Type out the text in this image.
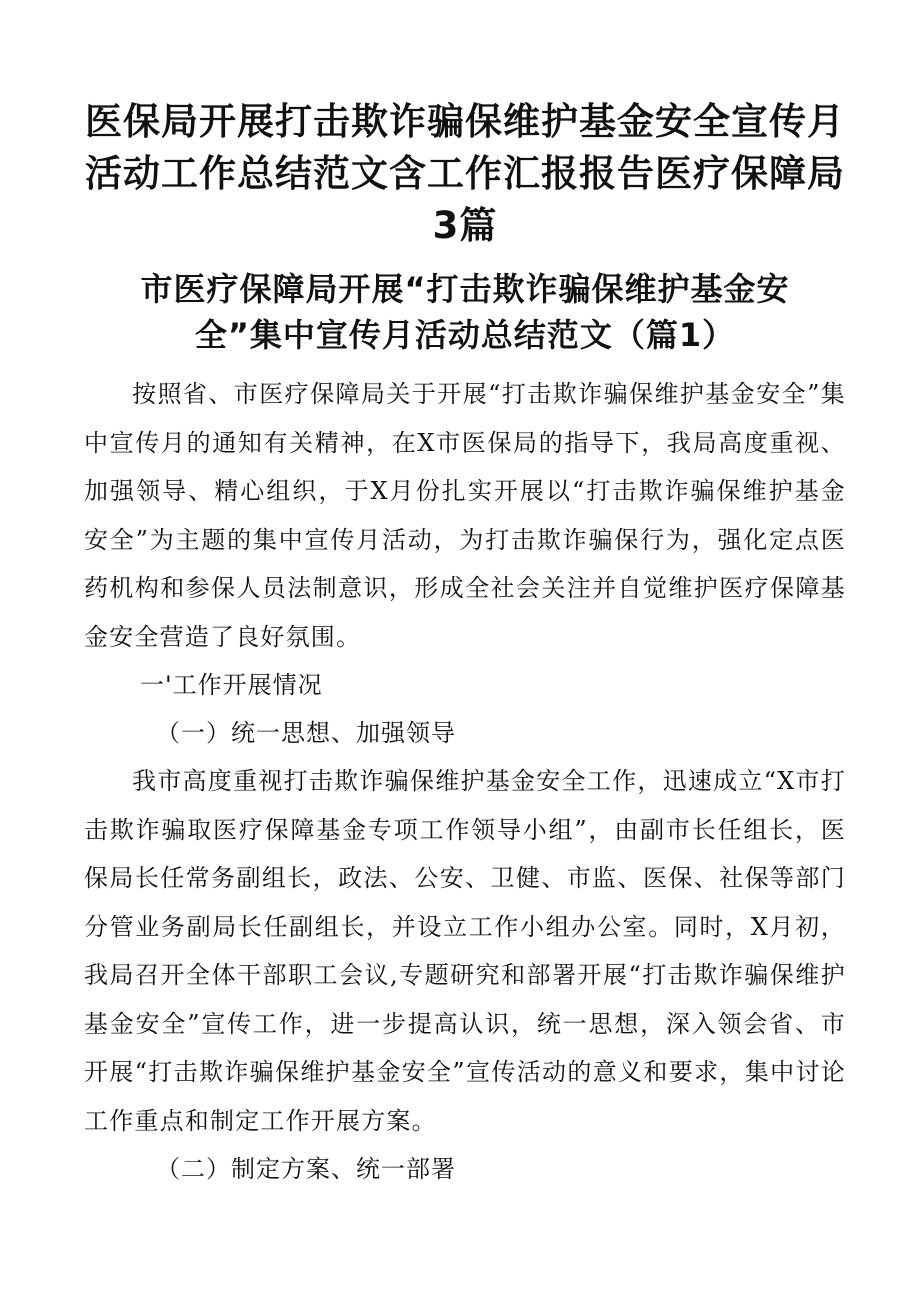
医保局开展打击欺诈骗保维护基金安全宣传月
活动工作总结范文含工作汇报报告医疗保障局
3篇
市医疗保障局开展“打击欺诈骗保维护基金安
全”集中宣传月活动总结范文（篇1）

按照省、市医疗保障局关于开展“打击欺诈骗保维护基金安全”集中宣传月的通知有关精神，在X市医保局的指导下，我局高度重视、加强领导、精心组织，于X月份扎实开展以“打击欺诈骗保维护基金安全”为主题的集中宣传月活动，为打击欺诈骗保行为，强化定点医药机构和参保人员法制意识，形成全社会关注并自觉维护医疗保障基金安全营造了良好氛围。

一'工作开展情况

（一）统一思想、加强领导

我市高度重视打击欺诈骗保维护基金安全工作，迅速成立“X市打击欺诈骗取医疗保障基金专项工作领导小组”，由副市长任组长，医保局长任常务副组长，政法、公安、卫健、市监、医保、社保等部门分管业务副局长任副组长，并设立工作小组办公室。同时，X月初，我局召开全体干部职工会议,专题研究和部署开展“打击欺诈骗保维护基金安全”宣传工作，进一步提高认识，统一思想，深入领会省、市开展“打击欺诈骗保维护基金安全”宣传活动的意义和要求，集中讨论工作重点和制定工作开展方案。

（二）制定方案、统一部署
